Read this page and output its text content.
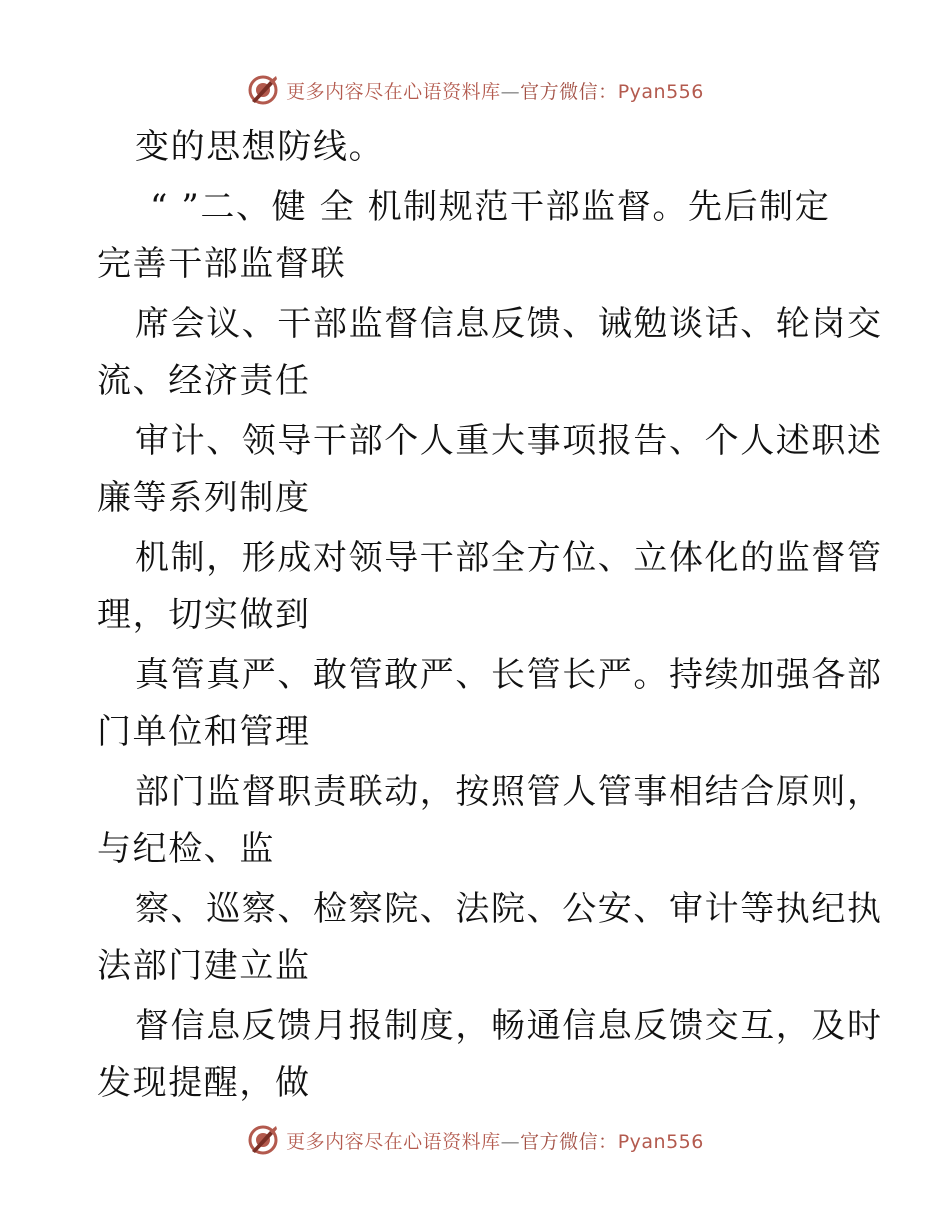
更多内容尽在心语资料库—官方微信：Pyan556
变的思想防线。
“ ”二、健 全 机制规范干部监督。先后制定
完善干部监督联
席会议、干部监督信息反馈、诫勉谈话、轮岗交
流、经济责任
审计、领导干部个人重大事项报告、个人述职述
廉等系列制度
机制，形成对领导干部全方位、立体化的监督管
理，切实做到
真管真严、敢管敢严、长管长严。持续加强各部
门单位和管理
部门监督职责联动，按照管人管事相结合原则，
与纪检、监
察、巡察、检察院、法院、公安、审计等执纪执
法部门建立监
督信息反馈月报制度，畅通信息反馈交互，及时
发现提醒，做
更多内容尽在心语资料库—官方微信：Pyan556
